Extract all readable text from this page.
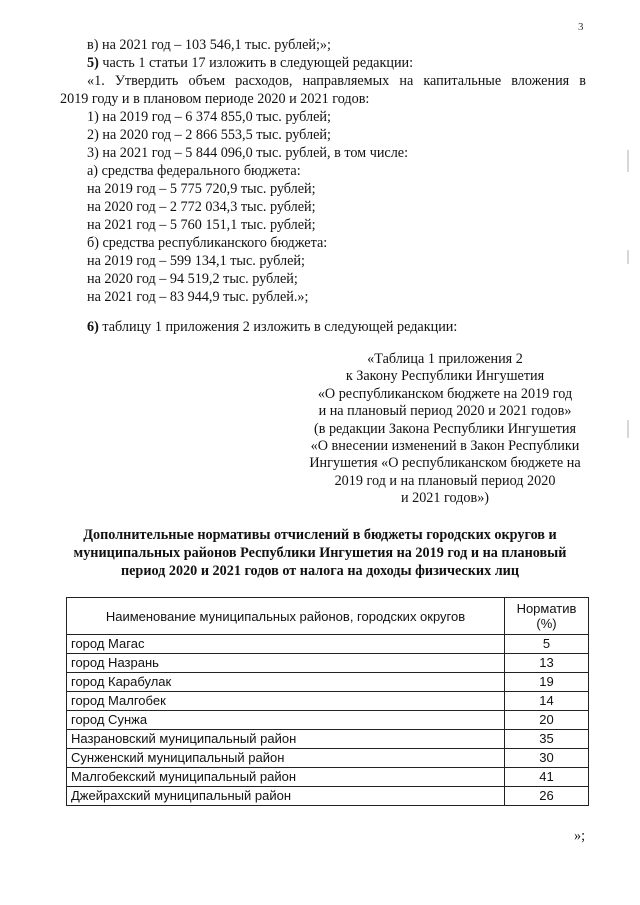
3
в) на 2021 год – 103 546,1 тыс. рублей;»;
5) часть 1 статьи 17 изложить в следующей редакции:
«1. Утвердить объем расходов, направляемых на капитальные вложения в
2019 году и в плановом периоде 2020 и 2021 годов:
1) на 2019 год – 6 374 855,0 тыс. рублей;
2) на 2020 год – 2 866 553,5 тыс. рублей;
3) на 2021 год – 5 844 096,0 тыс. рублей, в том числе:
а) средства федерального бюджета:
на 2019 год – 5 775 720,9 тыс. рублей;
на 2020 год – 2 772 034,3 тыс. рублей;
на 2021 год – 5 760 151,1 тыс. рублей;
б) средства республиканского бюджета:
на 2019 год – 599 134,1 тыс. рублей;
на 2020 год – 94 519,2 тыс. рублей;
на 2021 год – 83 944,9 тыс. рублей.»;
6) таблицу 1 приложения 2 изложить в следующей редакции:
«Таблица 1 приложения 2
к Закону Республики Ингушетия
«О республиканском бюджете на 2019 год
и на плановый период 2020 и 2021 годов»
(в редакции Закона Республики Ингушетия
«О внесении изменений в Закон Республики
Ингушетия «О республиканском бюджете на
2019 год и на плановый период 2020
и 2021 годов»)
Дополнительные нормативы отчислений в бюджеты городских округов и
муниципальных районов Республики Ингушетия на 2019 год и на плановый
период 2020 и 2021 годов от налога на доходы физических лиц
Наименование муниципальных районов, городских округов	Норматив
(%)

город Магас	5
город Назрань	13
город Карабулак	19
город Малгобек	14
город Сунжа	20
Назрановский муниципальный район	35
Сунженский муниципальный район	30
Малгобекский муниципальный район	41
Джейрахский муниципальный район	26
»;
